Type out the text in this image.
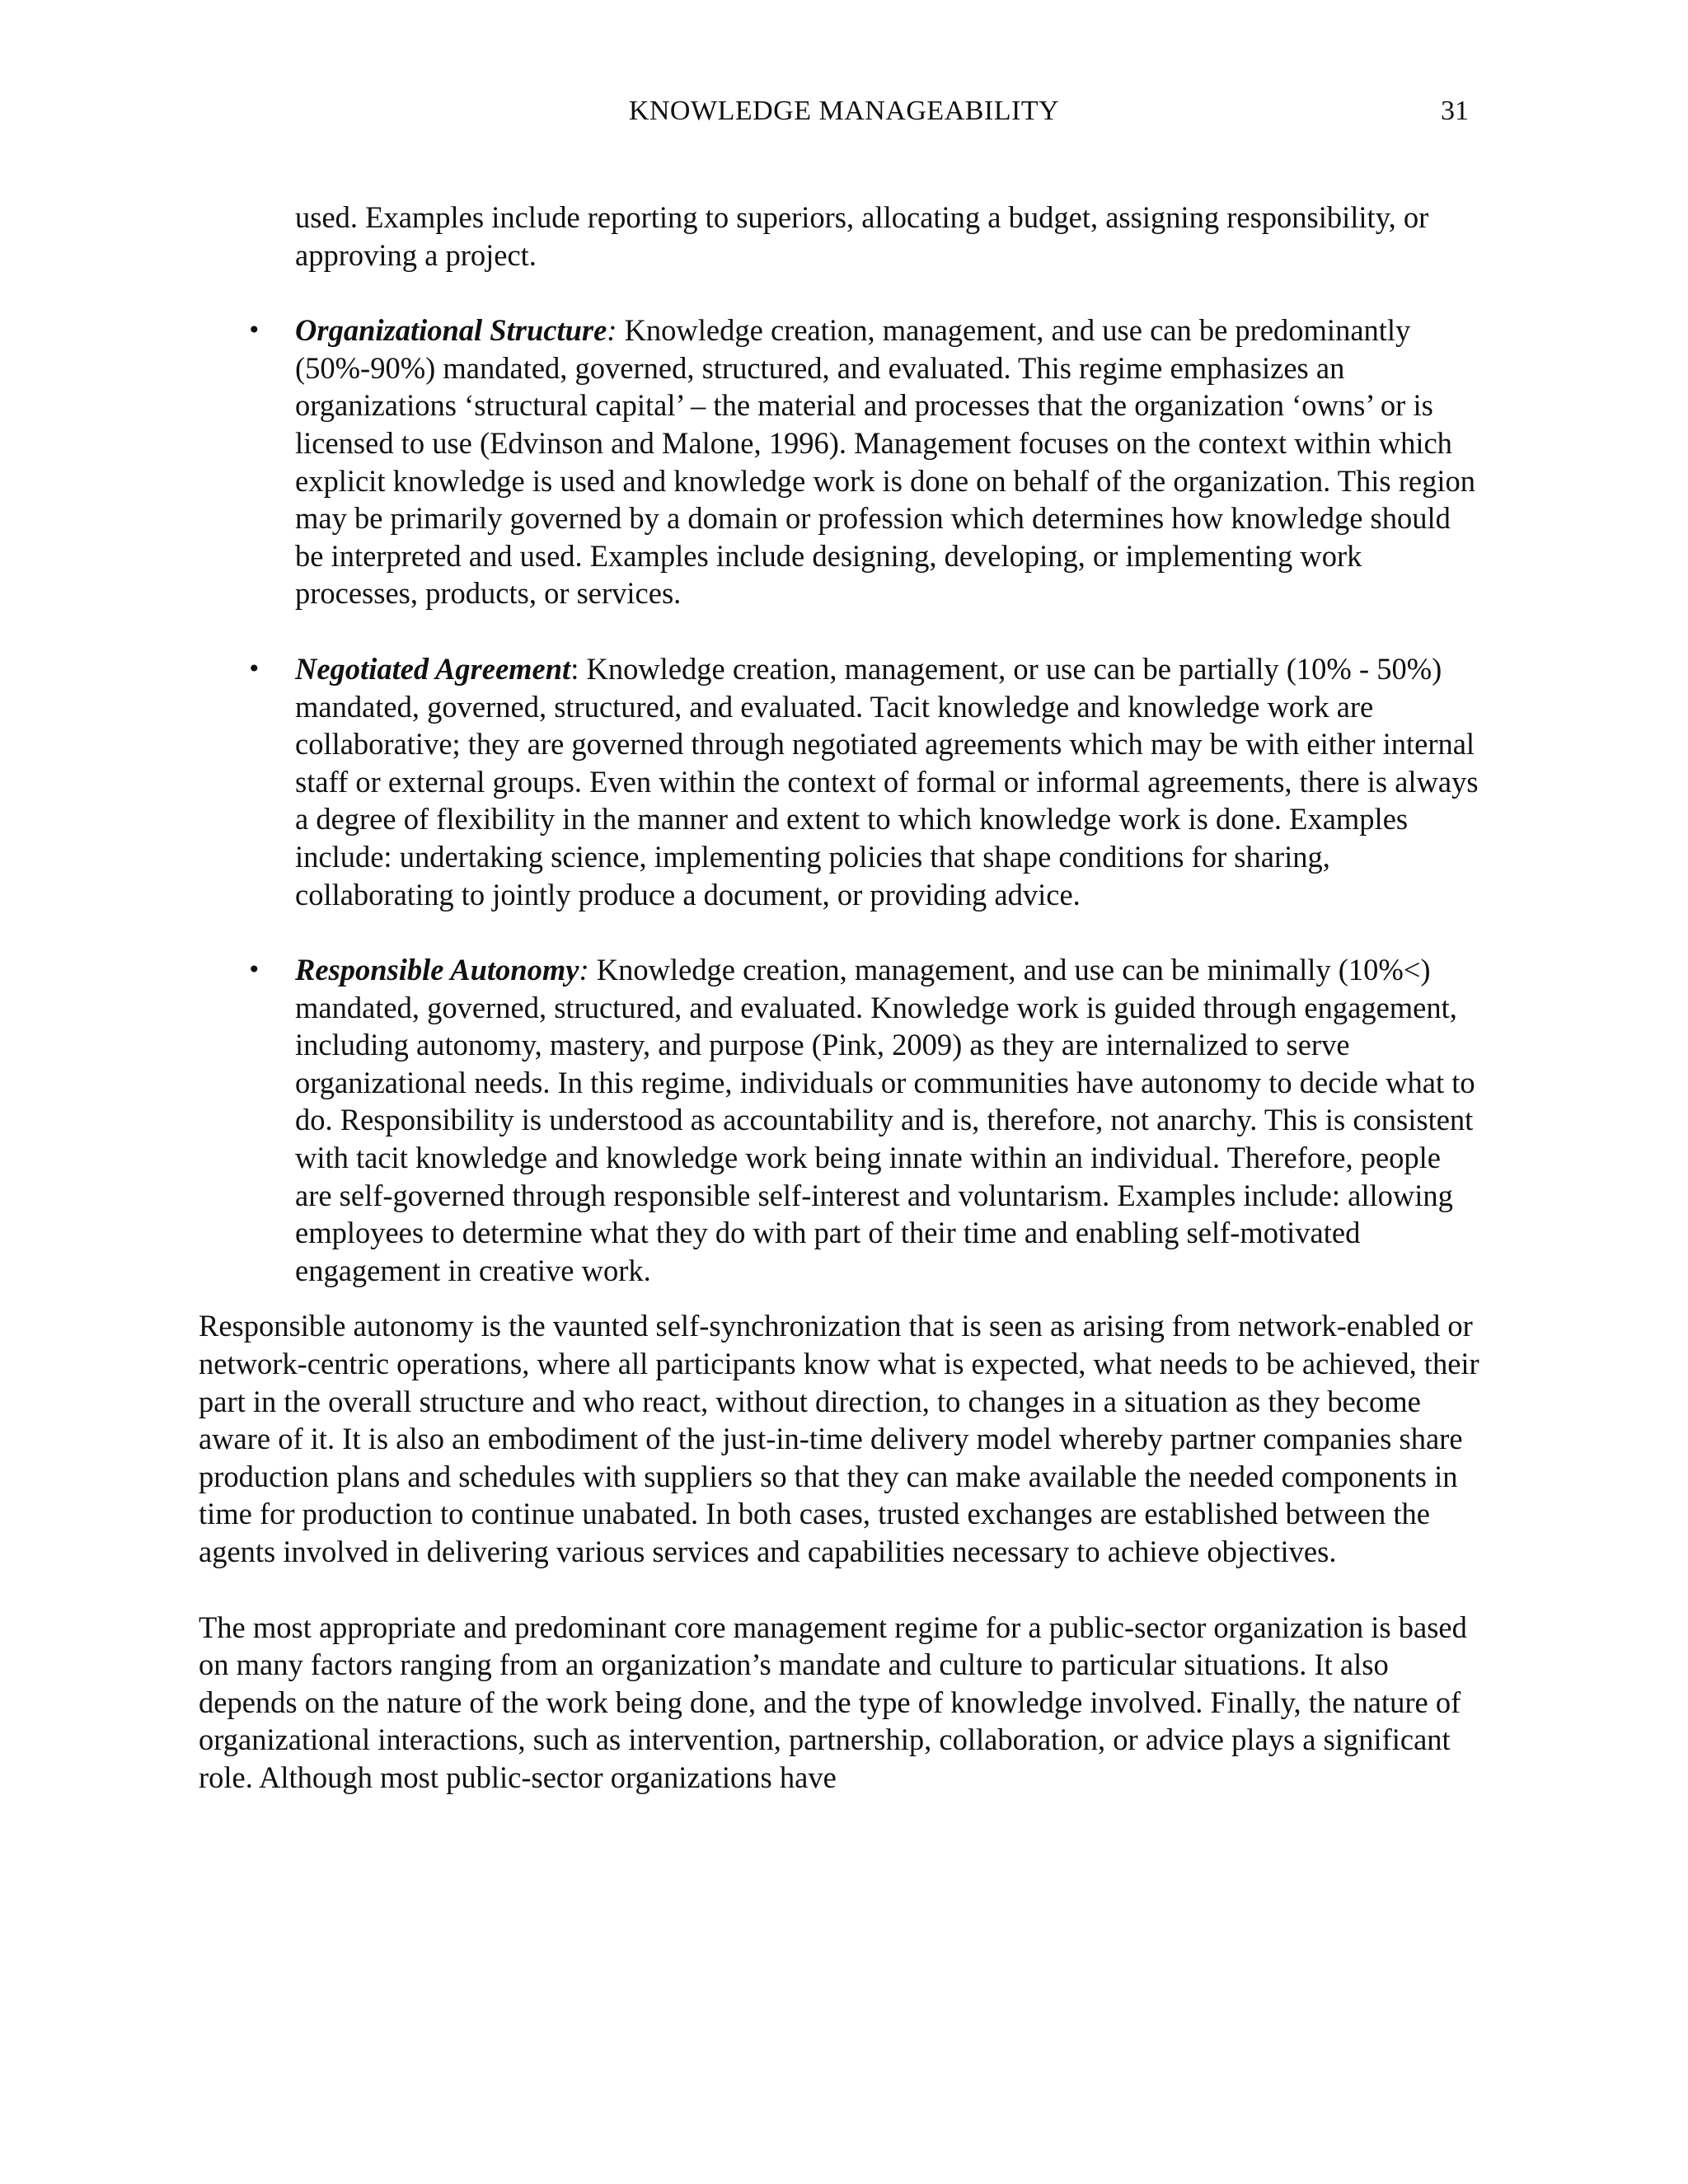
KNOWLEDGE MANAGEABILITY	31

used. Examples include reporting to superiors, allocating a budget, assigning responsibility, or approving a project.

• Organizational Structure: Knowledge creation, management, and use can be predominantly (50%-90%) mandated, governed, structured, and evaluated. This regime emphasizes an organizations ‘structural capital’ – the material and processes that the organization ‘owns’ or is licensed to use (Edvinson and Malone, 1996). Management focuses on the context within which explicit knowledge is used and knowledge work is done on behalf of the organization. This region may be primarily governed by a domain or profession which determines how knowledge should be interpreted and used. Examples include designing, developing, or implementing work processes, products, or services.
• Negotiated Agreement: Knowledge creation, management, or use can be partially (10% - 50%) mandated, governed, structured, and evaluated. Tacit knowledge and knowledge work are collaborative; they are governed through negotiated agreements which may be with either internal staff or external groups. Even within the context of formal or informal agreements, there is always a degree of flexibility in the manner and extent to which knowledge work is done. Examples include: undertaking science, implementing policies that shape conditions for sharing, collaborating to jointly produce a document, or providing advice.
• Responsible Autonomy: Knowledge creation, management, and use can be minimally (10%<) mandated, governed, structured, and evaluated. Knowledge work is guided through engagement, including autonomy, mastery, and purpose (Pink, 2009) as they are internalized to serve organizational needs. In this regime, individuals or communities have autonomy to decide what to do. Responsibility is understood as accountability and is, therefore, not anarchy. This is consistent with tacit knowledge and knowledge work being innate within an individual. Therefore, people are self-governed through responsible self-interest and voluntarism. Examples include: allowing employees to determine what they do with part of their time and enabling self-motivated engagement in creative work.

Responsible autonomy is the vaunted self-synchronization that is seen as arising from network-enabled or network-centric operations, where all participants know what is expected, what needs to be achieved, their part in the overall structure and who react, without direction, to changes in a situation as they become aware of it. It is also an embodiment of the just-in-time delivery model whereby partner companies share production plans and schedules with suppliers so that they can make available the needed components in time for production to continue unabated. In both cases, trusted exchanges are established between the agents involved in delivering various services and capabilities necessary to achieve objectives.

The most appropriate and predominant core management regime for a public-sector organization is based on many factors ranging from an organization’s mandate and culture to particular situations. It also depends on the nature of the work being done, and the type of knowledge involved. Finally, the nature of organizational interactions, such as intervention, partnership, collaboration, or advice plays a significant role. Although most public-sector organizations have
